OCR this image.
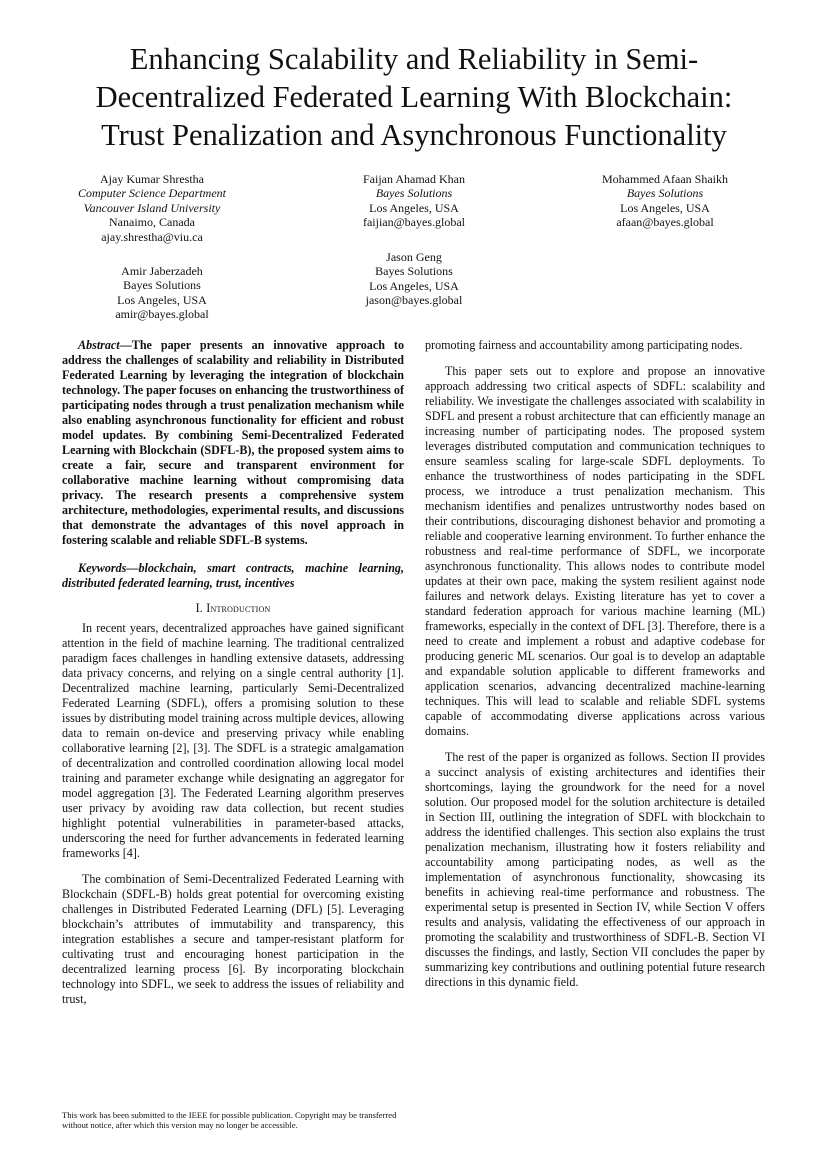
Enhancing Scalability and Reliability in Semi-
Decentralized Federated Learning With Blockchain:
Trust Penalization and Asynchronous Functionality
Ajay Kumar Shrestha
Computer Science Department
Vancouver Island University
Nanaimo, Canada
ajay.shrestha@viu.ca
Faijan Ahamad Khan
Bayes Solutions
Los Angeles, USA
faijian@bayes.global
Mohammed Afaan Shaikh
Bayes Solutions
Los Angeles, USA
afaan@bayes.global
Amir Jaberzadeh
Bayes Solutions
Los Angeles, USA
amir@bayes.global
Jason Geng
Bayes Solutions
Los Angeles, USA
jason@bayes.global

Abstract—The paper presents an innovative approach to address the challenges of scalability and reliability in Distributed Federated Learning by leveraging the integration of blockchain technology. The paper focuses on enhancing the trustworthiness of participating nodes through a trust penalization mechanism while also enabling asynchronous functionality for efficient and robust model updates. By combining Semi-Decentralized Federated Learning with Blockchain (SDFL-B), the proposed system aims to create a fair, secure and transparent environment for collaborative machine learning without compromising data privacy. The research presents a comprehensive system architecture, methodologies, experimental results, and discussions that demonstrate the advantages of this novel approach in fostering scalable and reliable SDFL-B systems.

Keywords—blockchain, smart contracts, machine learning, distributed federated learning, trust, incentives

I. Introduction

In recent years, decentralized approaches have gained significant attention in the field of machine learning. The traditional centralized paradigm faces challenges in handling extensive datasets, addressing data privacy concerns, and relying on a single central authority [1]. Decentralized machine learning, particularly Semi-Decentralized Federated Learning (SDFL), offers a promising solution to these issues by distributing model training across multiple devices, allowing data to remain on-device and preserving privacy while enabling collaborative learning [2], [3]. The SDFL is a strategic amalgamation of decentralization and controlled coordination allowing local model training and parameter exchange while designating an aggregator for model aggregation [3]. The Federated Learning algorithm preserves user privacy by avoiding raw data collection, but recent studies highlight potential vulnerabilities in parameter-based attacks, underscoring the need for further advancements in federated learning frameworks [4].

The combination of Semi-Decentralized Federated Learning with Blockchain (SDFL-B) holds great potential for overcoming existing challenges in Distributed Federated Learning (DFL) [5]. Leveraging blockchain’s attributes of immutability and transparency, this integration establishes a secure and tamper-resistant platform for cultivating trust and encouraging honest participation in the decentralized learning process [6]. By incorporating blockchain technology into SDFL, we seek to address the issues of reliability and trust,

promoting fairness and accountability among participating nodes.

This paper sets out to explore and propose an innovative approach addressing two critical aspects of SDFL: scalability and reliability. We investigate the challenges associated with scalability in SDFL and present a robust architecture that can efficiently manage an increasing number of participating nodes. The proposed system leverages distributed computation and communication techniques to ensure seamless scaling for large-scale SDFL deployments. To enhance the trustworthiness of nodes participating in the SDFL process, we introduce a trust penalization mechanism. This mechanism identifies and penalizes untrustworthy nodes based on their contributions, discouraging dishonest behavior and promoting a reliable and cooperative learning environment. To further enhance the robustness and real-time performance of SDFL, we incorporate asynchronous functionality. This allows nodes to contribute model updates at their own pace, making the system resilient against node failures and network delays. Existing literature has yet to cover a standard federation approach for various machine learning (ML) frameworks, especially in the context of DFL [3]. Therefore, there is a need to create and implement a robust and adaptive codebase for producing generic ML scenarios. Our goal is to develop an adaptable and expandable solution applicable to different frameworks and application scenarios, advancing decentralized machine-learning techniques. This will lead to scalable and reliable SDFL systems capable of accommodating diverse applications across various domains.

The rest of the paper is organized as follows. Section II provides a succinct analysis of existing architectures and identifies their shortcomings, laying the groundwork for the need for a novel solution. Our proposed model for the solution architecture is detailed in Section III, outlining the integration of SDFL with blockchain to address the identified challenges. This section also explains the trust penalization mechanism, illustrating how it fosters reliability and accountability among participating nodes, as well as the implementation of asynchronous functionality, showcasing its benefits in achieving real-time performance and robustness. The experimental setup is presented in Section IV, while Section V offers results and analysis, validating the effectiveness of our approach in promoting the scalability and trustworthiness of SDFL-B. Section VI discusses the findings, and lastly, Section VII concludes the paper by summarizing key contributions and outlining potential future research directions in this dynamic field.

This work has been submitted to the IEEE for possible publication. Copyright may be transferred without notice, after which this version may no longer be accessible.
